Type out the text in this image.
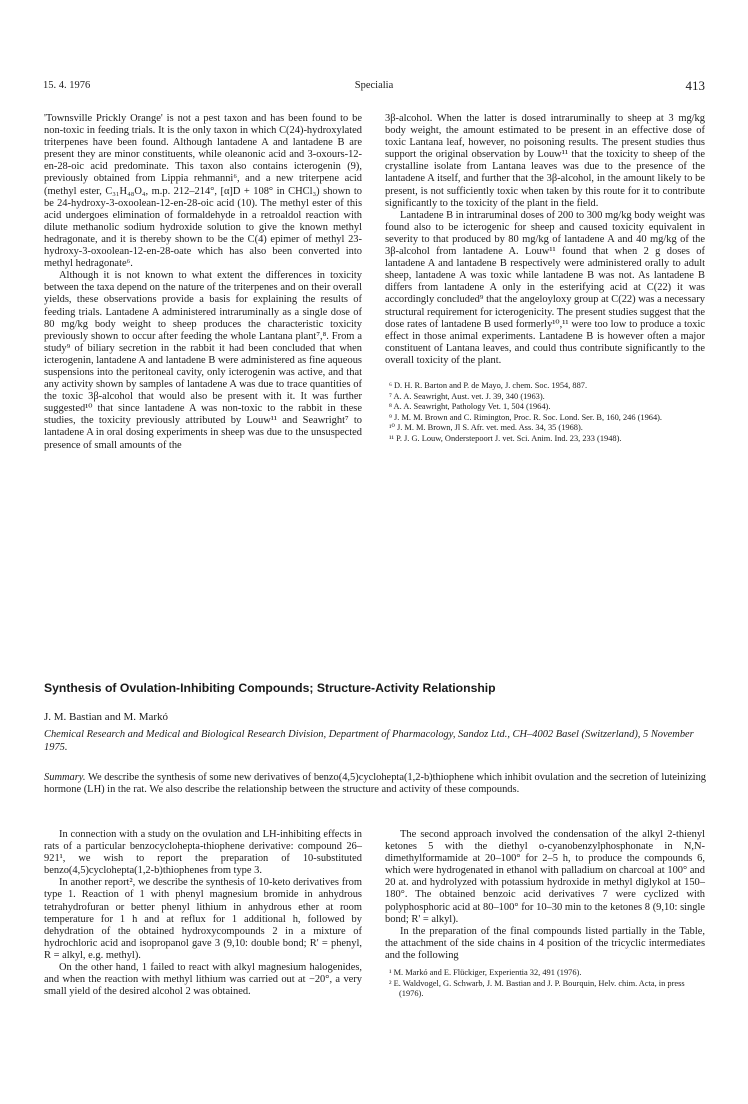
15. 4. 1976	Specialia	413

'Townsville Prickly Orange' is not a pest taxon and has been found to be non-toxic in feeding trials. It is the only taxon in which C(24)-hydroxylated triterpenes have been found. Although lantadene A and lantadene B are present they are minor constituents, while oleanonic acid and 3-oxours-12-en-28-oic acid predominate. This taxon also contains icterogenin (9), previously obtained from Lippia rehmanni⁶, and a new triterpene acid (methyl ester, C₃₁H₄₈O₄, m.p. 212–214°, [α]D + 108° in CHCl₃) shown to be 24-hydroxy-3-oxoolean-12-en-28-oic acid (10). The methyl ester of this acid undergoes elimination of formaldehyde in a retroaldol reaction with dilute methanolic sodium hydroxide solution to give the known methyl hedragonate, and it is thereby shown to be the C(4) epimer of methyl 23-hydroxy-3-oxoolean-12-en-28-oate which has also been converted into methyl hedragonate⁶.

Although it is not known to what extent the differences in toxicity between the taxa depend on the nature of the triterpenes and on their overall yields, these observations provide a basis for explaining the results of feeding trials. Lantadene A administered intraruminally as a single dose of 80 mg/kg body weight to sheep produces the characteristic toxicity previously shown to occur after feeding the whole Lantana plant⁷,⁸. From a study⁹ of biliary secretion in the rabbit it had been concluded that when icterogenin, lantadene A and lantadene B were administered as fine aqueous suspensions into the peritoneal cavity, only icterogenin was active, and that any activity shown by samples of lantadene A was due to trace quantities of the toxic 3β-alcohol that would also be present with it. It was further suggested¹⁰ that since lantadene A was non-toxic to the rabbit in these studies, the toxicity previously attributed by Louw¹¹ and Seawright⁷ to lantadene A in oral dosing experiments in sheep was due to the unsuspected presence of small amounts of the

3β-alcohol. When the latter is dosed intraruminally to sheep at 3 mg/kg body weight, the amount estimated to be present in an effective dose of toxic Lantana leaf, however, no poisoning results. The present studies thus support the original observation by Louw¹¹ that the toxicity to sheep of the crystalline isolate from Lantana leaves was due to the presence of the lantadene A itself, and further that the 3β-alcohol, in the amount likely to be present, is not sufficiently toxic when taken by this route for it to contribute significantly to the toxicity of the plant in the field.

Lantadene B in intraruminal doses of 200 to 300 mg/kg body weight was found also to be icterogenic for sheep and caused toxicity equivalent in severity to that produced by 80 mg/kg of lantadene A and 40 mg/kg of the 3β-alcohol from lantadene A. Louw¹¹ found that when 2 g doses of lantadene A and lantadene B respectively were administered orally to adult sheep, lantadene A was toxic while lantadene B was not. As lantadene B differs from lantadene A only in the esterifying acid at C(22) it was accordingly concluded⁹ that the angeloyloxy group at C(22) was a necessary structural requirement for icterogenicity. The present studies suggest that the dose rates of lantadene B used formerly¹⁰,¹¹ were too low to produce a toxic effect in those animal experiments. Lantadene B is however often a major constituent of Lantana leaves, and could thus contribute significantly to the overall toxicity of the plant.

⁶ D. H. R. Barton and P. de Mayo, J. chem. Soc. 1954, 887.
⁷ A. A. Seawright, Aust. vet. J. 39, 340 (1963).
⁸ A. A. Seawright, Pathology Vet. 1, 504 (1964).
⁹ J. M. M. Brown and C. Rimington, Proc. R. Soc. Lond. Ser. B, 160, 246 (1964).
¹⁰ J. M. M. Brown, Jl S. Afr. vet. med. Ass. 34, 35 (1968).
¹¹ P. J. G. Louw, Onderstepoort J. vet. Sci. Anim. Ind. 23, 233 (1948).
Synthesis of Ovulation-Inhibiting Compounds; Structure-Activity Relationship
J. M. Bastian and M. Markó
Chemical Research and Medical and Biological Research Division, Department of Pharmacology, Sandoz Ltd., CH–4002 Basel (Switzerland), 5 November 1975.
Summary. We describe the synthesis of some new derivatives of benzo(4,5)cyclohepta(1,2-b)thiophene which inhibit ovulation and the secretion of luteinizing hormone (LH) in the rat. We also describe the relationship between the structure and activity of these compounds.

In connection with a study on the ovulation and LH-inhibiting effects in rats of a particular benzocyclohepta-thiophene derivative: compound 26–921¹, we wish to report the preparation of 10-substituted benzo(4,5)cyclohepta(1,2-b)thiophenes from type 3.

In another report², we describe the synthesis of 10-keto derivatives from type 1. Reaction of 1 with phenyl magnesium bromide in anhydrous tetrahydrofuran or better phenyl lithium in anhydrous ether at room temperature for 1 h and at reflux for 1 additional h, followed by dehydration of the obtained hydroxycompounds 2 in a mixture of hydrochloric acid and isopropanol gave 3 (9,10: double bond; R' = phenyl, R = alkyl, e.g. methyl).

On the other hand, 1 failed to react with alkyl magnesium halogenides, and when the reaction with methyl lithium was carried out at −20°, a very small yield of the desired alcohol 2 was obtained.

The second approach involved the condensation of the alkyl 2-thienyl ketones 5 with the diethyl o-cyanobenzylphosphonate in N,N-dimethylformamide at 20–100° for 2–5 h, to produce the compounds 6, which were hydrogenated in ethanol with palladium on charcoal at 100° and 20 at. and hydrolyzed with potassium hydroxide in methyl diglykol at 150–180°. The obtained benzoic acid derivatives 7 were cyclized with polyphosphoric acid at 80–100° for 10–30 min to the ketones 8 (9,10: single bond; R' = alkyl).

In the preparation of the final compounds listed partially in the Table, the attachment of the side chains in 4 position of the tricyclic intermediates and the following

¹ M. Markó and E. Flückiger, Experientia 32, 491 (1976).
² E. Waldvogel, G. Schwarb, J. M. Bastian and J. P. Bourquin, Helv. chim. Acta, in press (1976).
